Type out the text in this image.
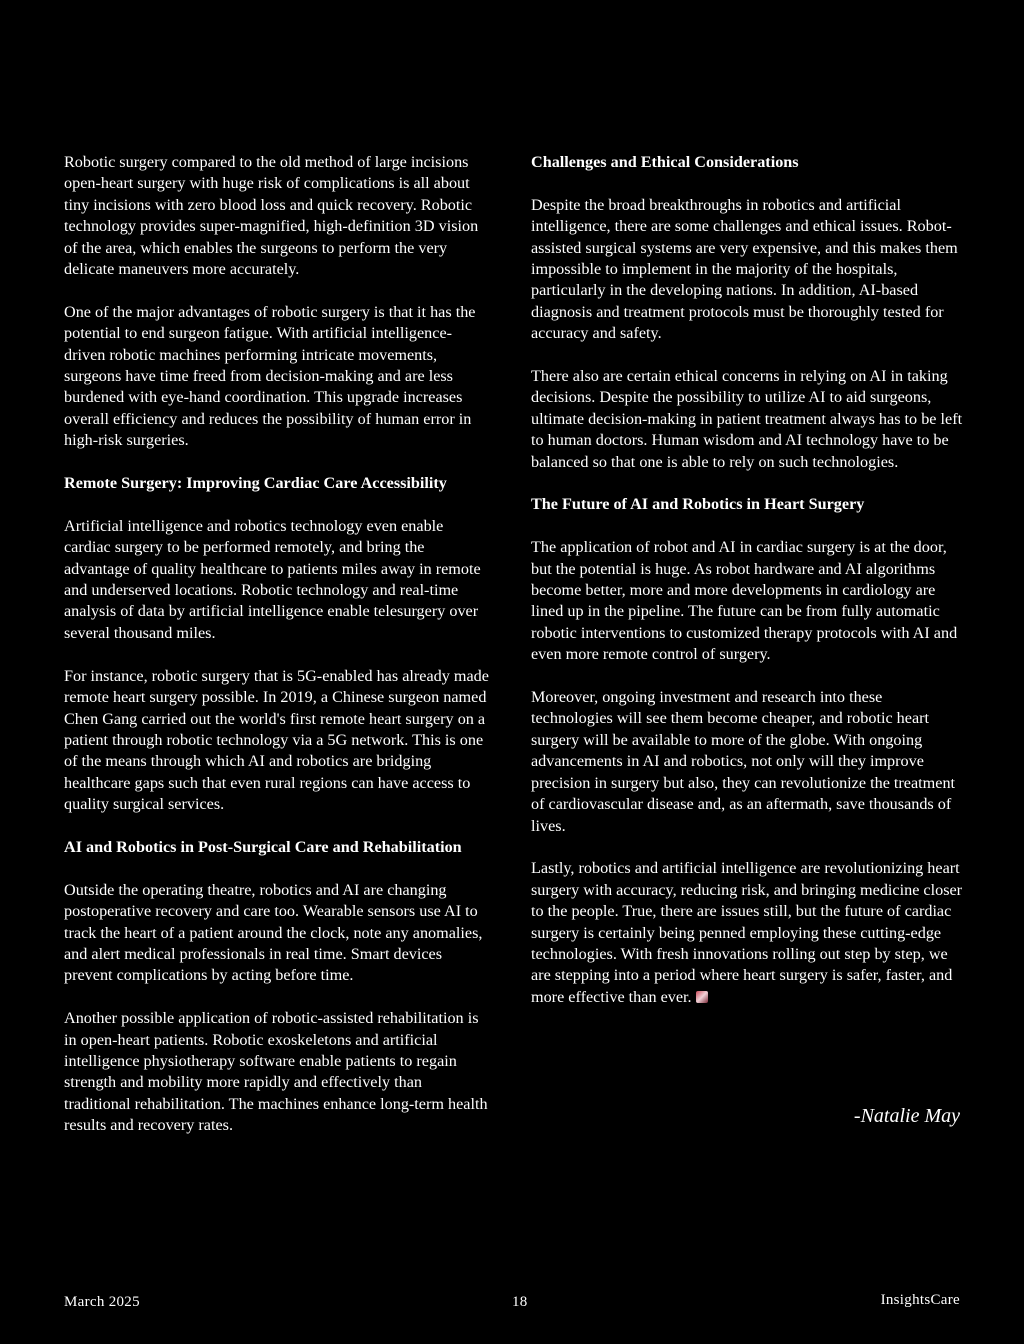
Robotic surgery compared to the old method of large incisions open-heart surgery with huge risk of complications is all about tiny incisions with zero blood loss and quick recovery. Robotic technology provides super-magnified, high-definition 3D vision of the area, which enables the surgeons to perform the very delicate maneuvers more accurately.

One of the major advantages of robotic surgery is that it has the potential to end surgeon fatigue. With artificial intelligence-driven robotic machines performing intricate movements, surgeons have time freed from decision-making and are less burdened with eye-hand coordination. This upgrade increases overall efficiency and reduces the possibility of human error in high-risk surgeries.

Remote Surgery: Improving Cardiac Care Accessibility

Artificial intelligence and robotics technology even enable cardiac surgery to be performed remotely, and bring the advantage of quality healthcare to patients miles away in remote and underserved locations. Robotic technology and real-time analysis of data by artificial intelligence enable telesurgery over several thousand miles.

For instance, robotic surgery that is 5G-enabled has already made remote heart surgery possible. In 2019, a Chinese surgeon named Chen Gang carried out the world's first remote heart surgery on a patient through robotic technology via a 5G network. This is one of the means through which AI and robotics are bridging healthcare gaps such that even rural regions can have access to quality surgical services.

AI and Robotics in Post-Surgical Care and Rehabilitation

Outside the operating theatre, robotics and AI are changing postoperative recovery and care too. Wearable sensors use AI to track the heart of a patient around the clock, note any anomalies, and alert medical professionals in real time. Smart devices prevent complications by acting before time.

Another possible application of robotic-assisted rehabilitation is in open-heart patients. Robotic exoskeletons and artificial intelligence physiotherapy software enable patients to regain strength and mobility more rapidly and effectively than traditional rehabilitation. The machines enhance long-term health results and recovery rates.

Challenges and Ethical Considerations

Despite the broad breakthroughs in robotics and artificial intelligence, there are some challenges and ethical issues. Robot-assisted surgical systems are very expensive, and this makes them impossible to implement in the majority of the hospitals, particularly in the developing nations. In addition, AI-based diagnosis and treatment protocols must be thoroughly tested for accuracy and safety.

There also are certain ethical concerns in relying on AI in taking decisions. Despite the possibility to utilize AI to aid surgeons, ultimate decision-making in patient treatment always has to be left to human doctors. Human wisdom and AI technology have to be balanced so that one is able to rely on such technologies.

The Future of AI and Robotics in Heart Surgery

The application of robot and AI in cardiac surgery is at the door, but the potential is huge. As robot hardware and AI algorithms become better, more and more developments in cardiology are lined up in the pipeline. The future can be from fully automatic robotic interventions to customized therapy protocols with AI and even more remote control of surgery.

Moreover, ongoing investment and research into these technologies will see them become cheaper, and robotic heart surgery will be available to more of the globe. With ongoing advancements in AI and robotics, not only will they improve precision in surgery but also, they can revolutionize the treatment of cardiovascular disease and, as an aftermath, save thousands of lives.

Lastly, robotics and artificial intelligence are revolutionizing heart surgery with accuracy, reducing risk, and bringing medicine closer to the people. True, there are issues still, but the future of cardiac surgery is certainly being penned employing these cutting-edge technologies. With fresh innovations rolling out step by step, we are stepping into a period where heart surgery is safer, faster, and more effective than ever.

-Natalie May
March 2025	18	InsightsCare
